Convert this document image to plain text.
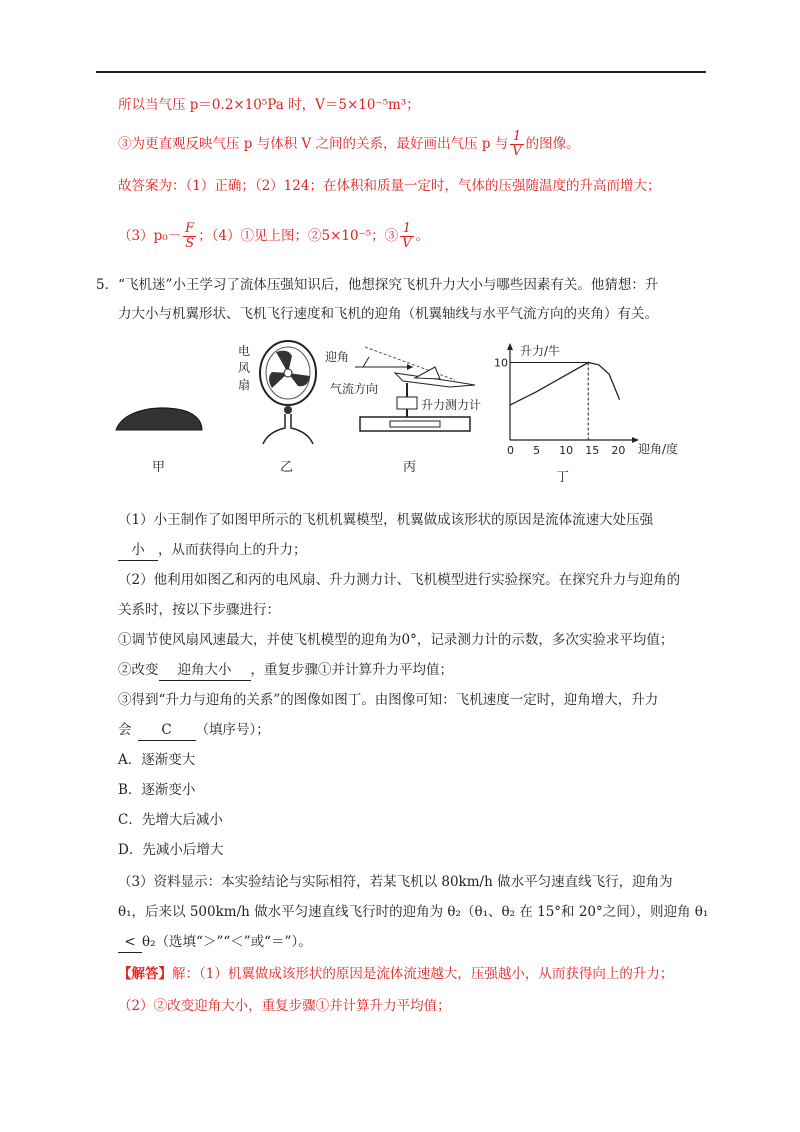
所以当气压 p＝0.2×10⁵Pa 时，V＝5×10⁻⁵m³；
③为更直观反映气压 p 与体积 V 之间的关系，最好画出气压 p 与 $\frac{1}{V}$ 的图像。
故答案为：（1）正确；（2）124；在体积和质量一定时，气体的压强随温度的升高而增大；
$(3)p_0- \frac{F}{S}$ ；（4）①见上图；②5×10⁻⁵；③ $\frac{1}{V}$ 。
5．“飞机迷”小王学习了流体压强知识后，他想探究飞机升力大小与哪些因素有关。他猜想：升
力大小与机翼形状、飞机飞行速度和飞机的迎角（机翼轴线与水平气流方向的夹角）有关。
甲
电
风
扇
乙
迎角
气流方向
升力测力计
丙
升力/牛
迎角/度
0 5 10 15 20
10
丁
（1）小王制作了如图甲所示的飞机机翼模型，机翼做成该形状的原因是流体流速大处压强
小 ，从而获得向上的升力；
（2）他利用如图乙和丙的电风扇、升力测力计、飞机模型进行实验探究。在探究升力与迎角的
关系时，按以下步骤进行：
①调节使风扇风速最大，并使飞机模型的迎角为0°，记录测力计的示数，多次实验求平均值；
②改变 迎角大小 ，重复步骤①并计算升力平均值；
③得到“升力与迎角的关系”的图像如图丁。由图像可知：飞机速度一定时，迎角增大，升力
会 C （填序号）；
A．逐渐变大
B．逐渐变小
C．先增大后减小
D．先减小后增大
（3）资料显示：本实验结论与实际相符，若某飞机以 80km/h 做水平匀速直线飞行，迎角为
θ₁，后来以 500km/h 做水平匀速直线飞行时的迎角为 θ₂（θ₁、θ₂ 在 15°和 20°之间），则迎角 θ₁
< θ₂（选填“＞”“＜”或“＝”）。
【解答】解：（1）机翼做成该形状的原因是流体流速越大，压强越小，从而获得向上的升力；
（2）②改变迎角大小，重复步骤①并计算升力平均值；
